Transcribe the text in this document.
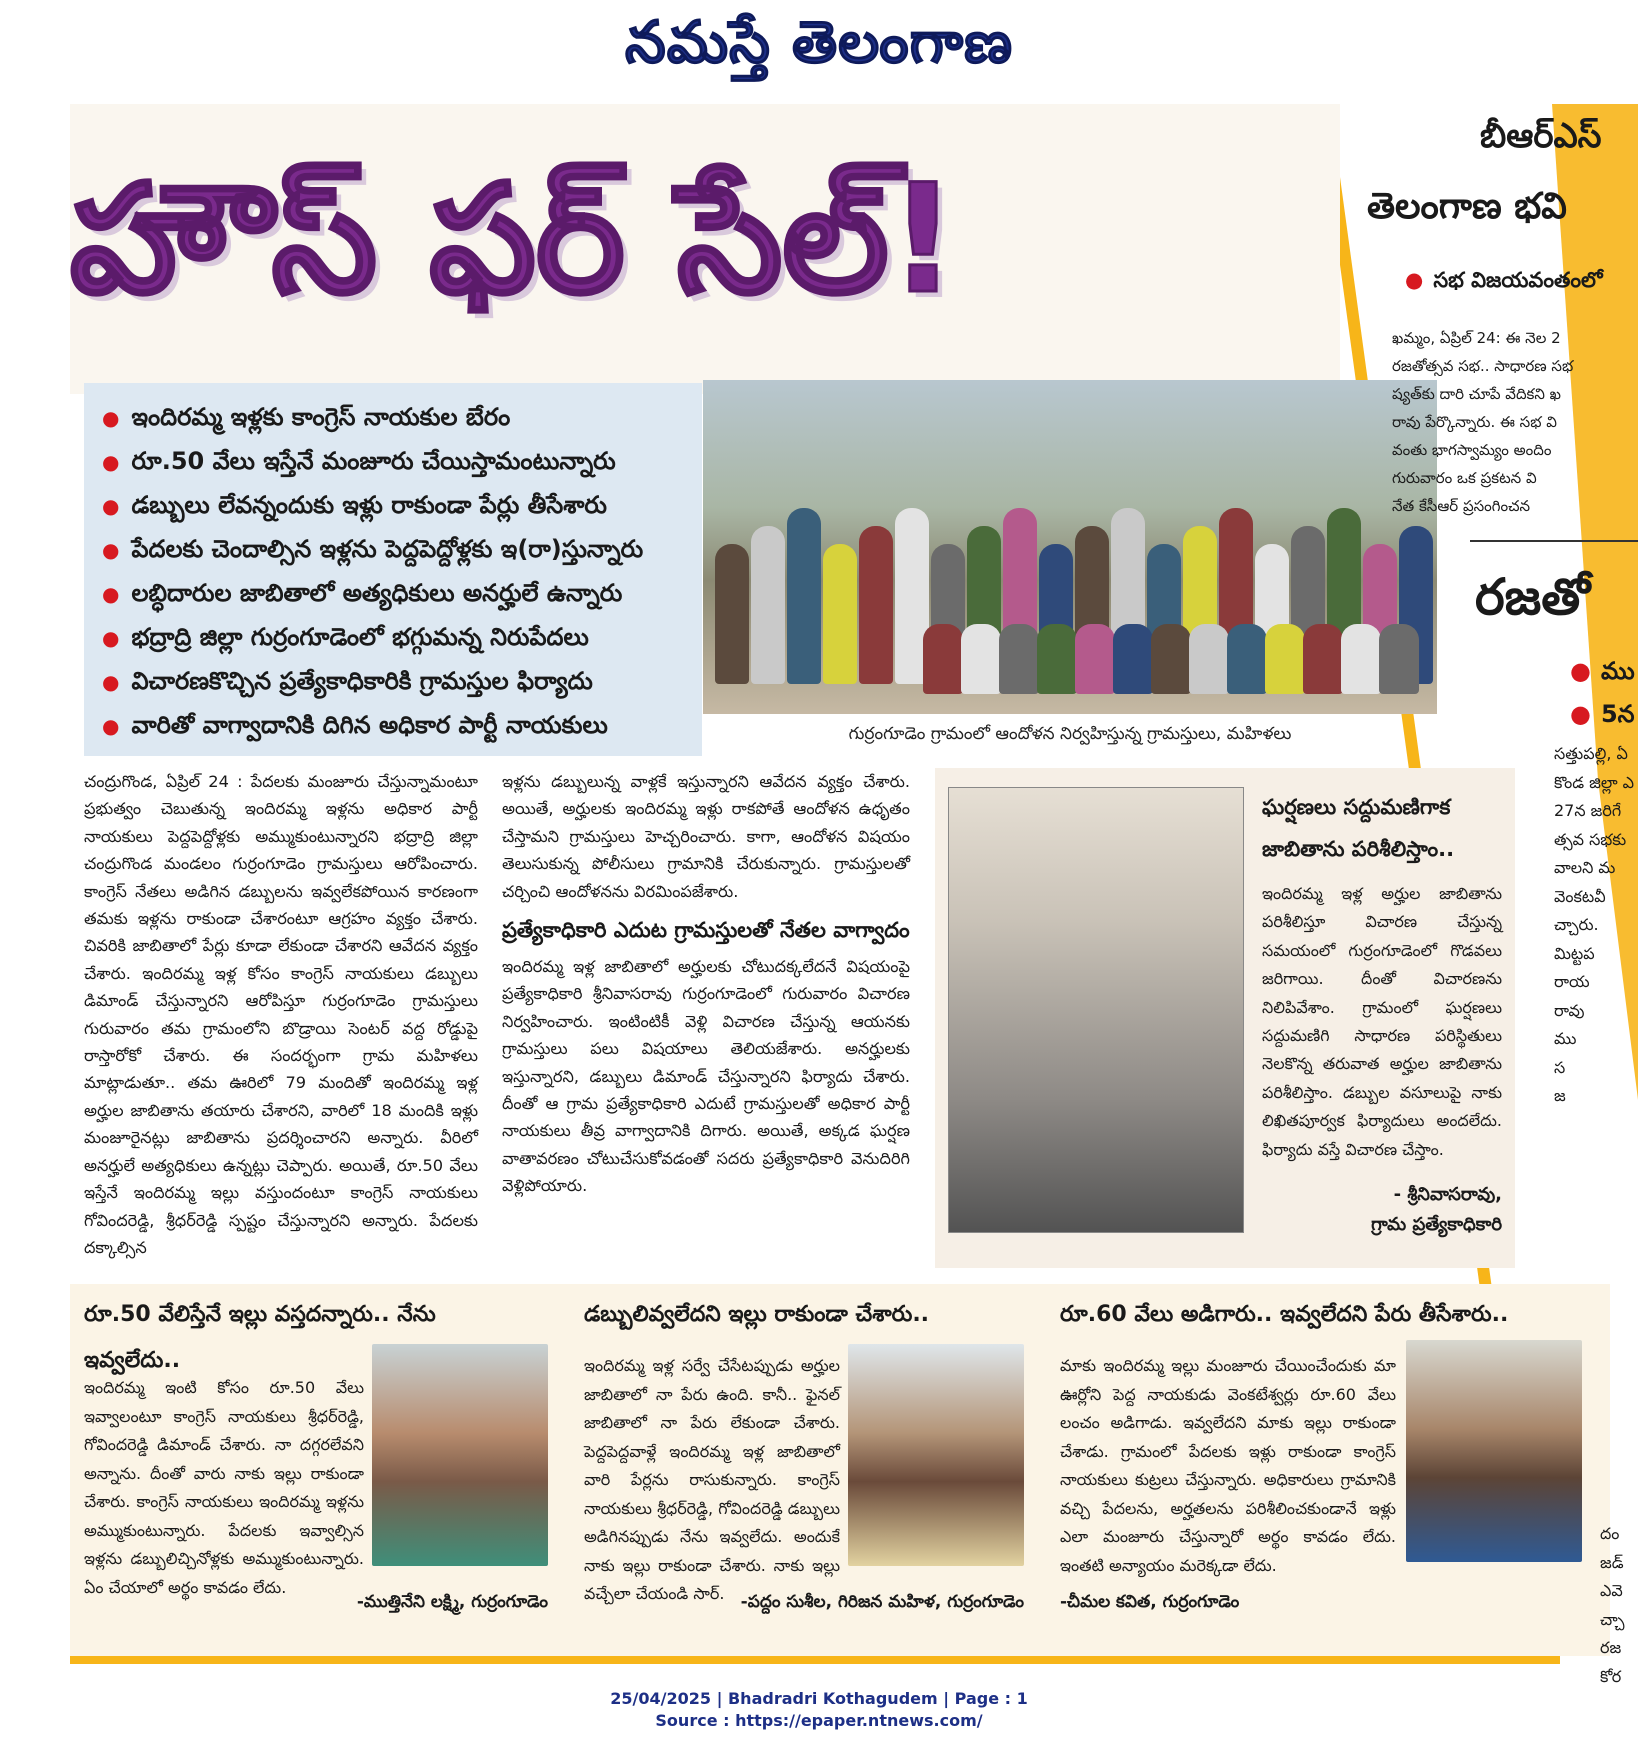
నమస్తే తెలంగాణ
హౌస్ ఫర్ సేల్!
● ఇందిరమ్మ ఇళ్లకు కాంగ్రెస్ నాయకుల బేరం
● రూ.50 వేలు ఇస్తేనే మంజూరు చేయిస్తామంటున్నారు
● డబ్బులు లేవన్నందుకు ఇళ్లు రాకుండా పేర్లు తీసేశారు
● పేదలకు చెందాల్సిన ఇళ్లను పెద్దపెద్దోళ్లకు ఇ(రా)స్తున్నారు
● లబ్ధిదారుల జాబితాలో అత్యధికులు అనర్హులే ఉన్నారు
● భద్రాద్రి జిల్లా గుర్రంగూడెంలో భగ్గుమన్న నిరుపేదలు
● విచారణకొచ్చిన ప్రత్యేకాధికారికి గ్రామస్తుల ఫిర్యాదు
● వారితో వాగ్వాదానికి దిగిన అధికార పార్టీ నాయకులు	గుర్రంగూడెం గ్రామంలో ఆందోళన నిర్వహిస్తున్న గ్రామస్తులు, మహిళలు
చంద్రుగొండ, ఏప్రిల్ 24 : పేదలకు మంజూరు చేస్తున్నామంటూ ప్రభుత్వం చెబుతున్న ఇందిరమ్మ ఇళ్లను అధికార పార్టీ నాయకులు పెద్దపెద్దోళ్లకు అమ్ముకుంటున్నారని భద్రాద్రి జిల్లా చంద్రుగొండ మండలం గుర్రంగూడెం గ్రామస్తులు ఆరోపించారు. కాంగ్రెస్ నేతలు అడిగిన డబ్బులను ఇవ్వలేకపోయిన కారణంగా తమకు ఇళ్లను రాకుండా చేశారంటూ ఆగ్రహం వ్యక్తం చేశారు. చివరికి జాబితాలో పేర్లు కూడా లేకుండా చేశారని ఆవేదన వ్యక్తం చేశారు. ఇందిరమ్మ ఇళ్ల కోసం కాంగ్రెస్ నాయకులు డబ్బులు డిమాండ్ చేస్తున్నారని ఆరోపిస్తూ గుర్రంగూడెం గ్రామస్తులు గురువారం తమ గ్రామంలోని బొడ్రాయి సెంటర్ వద్ద రోడ్డుపై రాస్తారోకో చేశారు. ఈ సందర్భంగా గ్రామ మహిళలు మాట్లాడుతూ.. తమ ఊరిలో 79 మందితో ఇందిరమ్మ ఇళ్ల అర్హుల జాబితాను తయారు చేశారని, వారిలో 18 మందికి ఇళ్లు మంజూరైనట్లు జాబితాను ప్రదర్శించారని అన్నారు. వీరిలో అనర్హులే అత్యధికులు ఉన్నట్లు చెప్పారు. అయితే, రూ.50 వేలు ఇస్తేనే ఇందిరమ్మ ఇల్లు వస్తుందంటూ కాంగ్రెస్ నాయకులు గోవిందరెడ్డి, శ్రీధర్‌రెడ్డి స్పష్టం చేస్తున్నారని అన్నారు. పేదలకు దక్కాల్సిన
ఇళ్లను డబ్బులున్న వాళ్లకే ఇస్తున్నారని ఆవేదన వ్యక్తం చేశారు. అయితే, అర్హులకు ఇందిరమ్మ ఇళ్లు రాకపోతే ఆందోళన ఉధృతం చేస్తామని గ్రామస్తులు హెచ్చరించారు. కాగా, ఆందోళన విషయం తెలుసుకున్న పోలీసులు గ్రామానికి చేరుకున్నారు. గ్రామస్తులతో చర్చించి ఆందోళనను విరమింపజేశారు.
ప్రత్యేకాధికారి ఎదుట గ్రామస్తులతో నేతల వాగ్వాదం
ఇందిరమ్మ ఇళ్ల జాబితాలో అర్హులకు చోటుదక్కలేదనే విషయంపై ప్రత్యేకాధికారి శ్రీనివాసరావు గుర్రంగూడెంలో గురువారం విచారణ నిర్వహించారు. ఇంటింటికీ వెళ్లి విచారణ చేస్తున్న ఆయనకు గ్రామస్తులు పలు విషయాలు తెలియజేశారు. అనర్హులకు ఇస్తున్నారని, డబ్బులు డిమాండ్ చేస్తున్నారని ఫిర్యాదు చేశారు. దీంతో ఆ గ్రామ ప్రత్యేకాధికారి ఎదుటే గ్రామస్తులతో అధికార పార్టీ నాయకులు తీవ్ర వాగ్వాదానికి దిగారు. అయితే, అక్కడ ఘర్షణ వాతావరణం చోటుచేసుకోవడంతో సదరు ప్రత్యేకాధికారి వెనుదిరిగి వెళ్లిపోయారు.
ఘర్షణలు సద్దుమణిగాక జాబితాను పరిశీలిస్తాం..
ఇందిరమ్మ ఇళ్ల అర్హుల జాబితాను పరిశీలిస్తూ విచారణ చేస్తున్న సమయంలో గుర్రంగూడెంలో గొడవలు జరిగాయి. దీంతో విచారణను నిలిపివేశాం. గ్రామంలో ఘర్షణలు సద్దుమణిగి సాధారణ పరిస్థితులు నెలకొన్న తరువాత అర్హుల జాబితాను పరిశీలిస్తాం. డబ్బుల వసూలుపై నాకు లిఖితపూర్వక ఫిర్యాదులు అందలేదు. ఫిర్యాదు వస్తే విచారణ చేస్తాం.
- శ్రీనివాసరావు,
గ్రామ ప్రత్యేకాధికారి
రూ.50 వేలిస్తేనే ఇల్లు వస్తదన్నారు.. నేను ఇవ్వలేదు..
ఇందిరమ్మ ఇంటి కోసం రూ.50 వేలు ఇవ్వాలంటూ కాంగ్రెస్ నాయకులు శ్రీధర్‌రెడ్డి, గోవిందరెడ్డి డిమాండ్ చేశారు. నా దగ్గరలేవని అన్నాను. దీంతో వారు నాకు ఇల్లు రాకుండా చేశారు. కాంగ్రెస్ నాయకులు ఇందిరమ్మ ఇళ్లను అమ్ముకుంటున్నారు. పేదలకు ఇవ్వాల్సిన ఇళ్లను డబ్బులిచ్చినోళ్లకు అమ్ముకుంటున్నారు. ఏం చేయాలో అర్థం కావడం లేదు.
-ముత్తినేని లక్ష్మి, గుర్రంగూడెం
డబ్బులివ్వలేదని ఇల్లు రాకుండా చేశారు..
ఇందిరమ్మ ఇళ్ల సర్వే చేసేటప్పుడు అర్హుల జాబితాలో నా పేరు ఉంది. కానీ.. ఫైనల్ జాబితాలో నా పేరు లేకుండా చేశారు. పెద్దపెద్దవాళ్లే ఇందిరమ్మ ఇళ్ల జాబితాలో వారి పేర్లను రాసుకున్నారు. కాంగ్రెస్ నాయకులు శ్రీధర్‌రెడ్డి, గోవిందరెడ్డి డబ్బులు అడిగినప్పుడు నేను ఇవ్వలేదు. అందుకే నాకు ఇల్లు రాకుండా చేశారు. నాకు ఇల్లు వచ్చేలా చేయండి సార్. -పద్దం సుశీల, గిరిజన మహిళ, గుర్రంగూడెం
రూ.60 వేలు అడిగారు.. ఇవ్వలేదని పేరు తీసేశారు..
మాకు ఇందిరమ్మ ఇల్లు మంజూరు చేయించేందుకు మా ఊర్లోని పెద్ద నాయకుడు వెంకటేశ్వర్లు రూ.60 వేలు లంచం అడిగాడు. ఇవ్వలేదని మాకు ఇల్లు రాకుండా చేశాడు. గ్రామంలో పేదలకు ఇళ్లు రాకుండా కాంగ్రెస్ నాయకులు కుట్రలు చేస్తున్నారు. అధికారులు గ్రామానికి వచ్చి పేదలను, అర్హతలను పరిశీలించకుండానే ఇళ్లు ఎలా మంజూరు చేస్తున్నారో అర్థం కావడం లేదు. ఇంతటి అన్యాయం మరెక్కడా లేదు.
-చీమల కవిత, గుర్రంగూడెం
బీఆర్ఎస్
తెలంగాణ భవి
● సభ విజయవంతంలో
ఖమ్మం, ఏప్రిల్ 24: ఈ నెల 2
రజతోత్సవ సభ.. సాధారణ సభ
ష్యత్‌కు దారి చూపే వేదికని ఖ
రావు పేర్కొన్నారు. ఈ సభ వి
వంతు భాగస్వామ్యం అందిం
గురువారం ఒక ప్రకటన వి
నేత కేసీఆర్ ప్రసంగించన
రజతో
● ము
● 5న
సత్తుపల్లి, ఏ
కొండ జిల్లా ఎ
27న జరిగే
త్సవ సభకు
వాలని మ
వెంకటవీ
చ్చారు.
మిట్టప
రాయ
రావు
ము
స
జ
దం
జడ్
ఎవె
చ్చా
రజ
కోర
25/04/2025 | Bhadradri Kothagudem | Page : 1
Source : https://epaper.ntnews.com/
